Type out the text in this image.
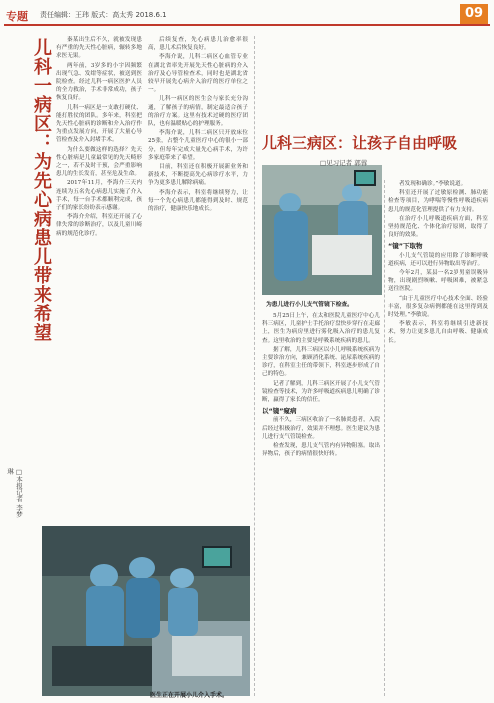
专题 责任编辑：王玮 版式：高太秀 2018.6.1	09
儿科一病区：为先心病患儿带来希望
□本报记者 李梦琳

秦某出生后不久，就被发现患有严重的先天性心脏病，辗转多地求医无果。

两年前，3岁多的小宇因频繁出现气急、发绀等症状，被送到医院检查。经过儿科一病区医护人员的全力救治，手术非常成功，孩子恢复良好。

儿科一病区是一支敢打硬仗、能打胜仗的团队。多年来，科室把先天性心脏病的诊断和介入治疗作为重点发展方向，开展了大量心导管检查及介入封堵手术。

为什么要做这样的选择？先天性心脏病是儿童最常见的先天畸形之一，若不及时干预，会严重影响患儿的生长发育，甚至危及生命。

2017年11月，李海介三天内连续为五名先心病患儿实施了介入手术，每一台手术都顺利完成，孩子们的家长纷纷表示感谢。

李海介介绍，科室还开展了心律失常的诊断治疗，以及儿童川崎病的规范化诊疗。

后续复查，先心病患儿治愈率很高，患儿术后恢复良好。

李海介说，儿科二病区心血管专业在湖北省率先开展先天性心脏病的介入治疗及心导管检查术，同时也是湖北省较早开展先心病介入治疗的医疗单位之一。

儿科一病区的医生会与家长充分沟通，了解孩子的病情，制定最适合孩子的治疗方案。这里有技术过硬的医疗团队，也有温暖贴心的护理服务。

李海介说，儿科二病区只开放床位25张，占整个儿童医疗中心的很小一部分，但每年完成大量先心病手术，为许多家庭带来了希望。

目前，科室还在积极开展新业务和新技术，不断提高先心病诊疗水平，力争为更多患儿解除病痛。

李海介表示，科室将继续努力，让每一个先心病患儿都能得到及时、规范的治疗，健康快乐地成长。

医生正在开展小儿介入手术。
为患儿进行小儿支气管镜下检查。
儿科三病区：让孩子自由呼吸
□见习记者 郭蓉

5月25日上午，在太和医院儿童医疗中心儿科三病区，儿童护士手托治疗盘快步穿行在走廊上，医生为病房里进行雾化吸入治疗的患儿复查。这里收治的主要是呼吸系统疾病的患儿。

据了解，儿科三病区以小儿呼吸系统疾病为主要诊治方向，兼顾消化系统、泌尿系统疾病的诊疗，在科室主任的带领下，科室逐步形成了自己的特色。

记者了解到，儿科三病区开展了小儿支气管镜检查等技术，为许多呼吸道疾病患儿明确了诊断，赢得了家长的信任。

以“镜”窥病

前不久，三病区收治了一名肺炎患者，入院后经过积极治疗，效果并不理想。医生建议为患儿进行支气管镜检查。

检查发现，患儿支气管内有异物阻塞。取出异物后，孩子的病情很快好转。

者发现和确诊。”李敏说道。

科室还开展了过敏原检测、肺功能检查等项目，为哮喘等慢性呼吸道疾病患儿的规范化管理提供了有力支持。

在治疗小儿呼吸道疾病方面，科室坚持规范化、个体化治疗原则，取得了良好的效果。

“镜”下取物

小儿支气管镜的应用除了诊断呼吸道疾病，还可以进行异物取出等治疗。

今年2月，某县一名2岁男童误吸异物，出现剧烈咳嗽、呼吸困难，被紧急送往医院。

“由于儿童医疗中心技术全面、经验丰富，很多复杂病例都能在这里得到及时处理。”李敏说。

李敏表示，科室将继续引进新技术，努力让更多患儿自由呼吸、健康成长。
